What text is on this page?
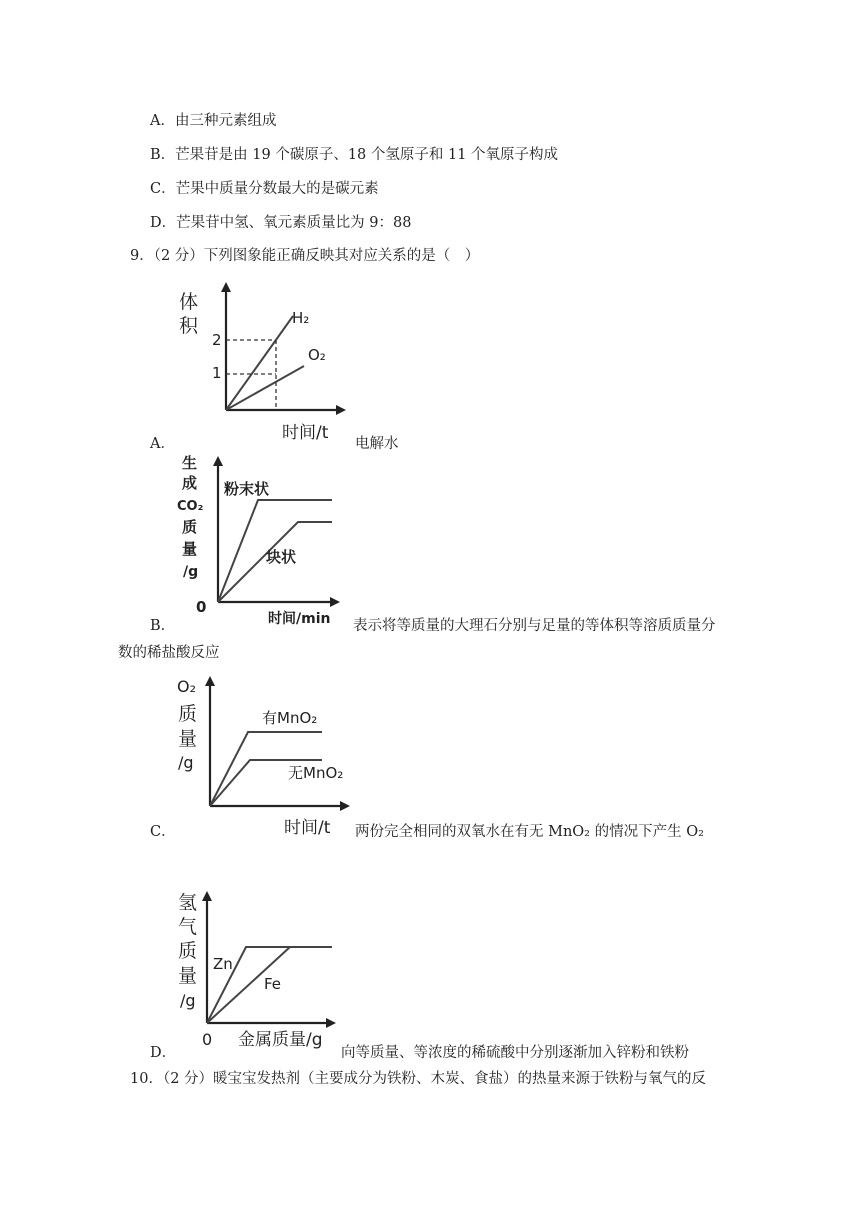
A．由三种元素组成
B．芒果苷是由 19 个碳原子、18 个氢原子和 11 个氧原子构成
C．芒果中质量分数最大的是碳元素
D．芒果苷中氢、氧元素质量比为 9：88
9．（2 分）下列图象能正确反映其对应关系的是（　）
体
积
2
1
H₂
O₂
时间/t
A．	电解水
生
成
CO₂
质
量
/g
0
粉末状
块状
时间/min
B．	表示将等质量的大理石分别与足量的等体积等溶质质量分
数的稀盐酸反应
O₂
质
量
/g
有MnO₂
无MnO₂
时间/t
C．	两份完全相同的双氧水在有无 MnO₂ 的情况下产生 O₂
氢
气
质
量
/g
Zn
Fe
0 金属质量/g
D．	向等质量、等浓度的稀硫酸中分别逐渐加入锌粉和铁粉
10．（2 分）暖宝宝发热剂（主要成分为铁粉、木炭、食盐）的热量来源于铁粉与氧气的反
